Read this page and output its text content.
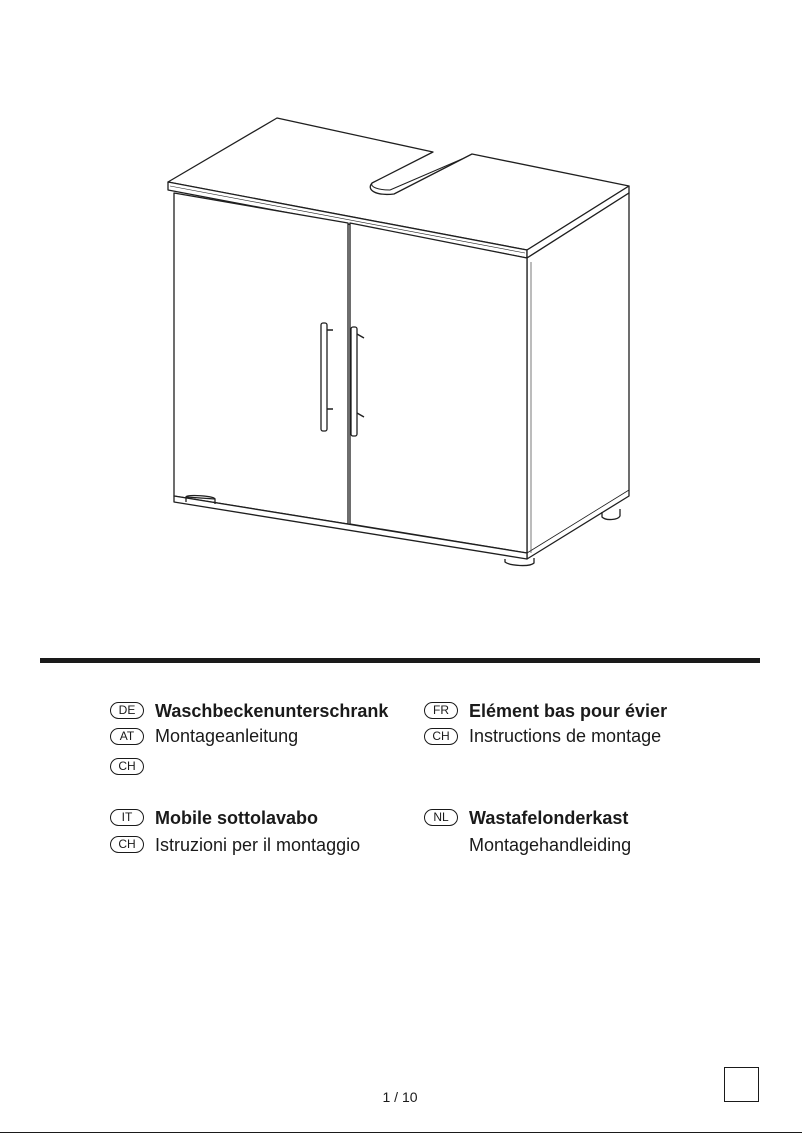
DE	Waschbeckenunterschrank
AT	Montageanleitung
CH
FR	Elément bas pour évier
CH	Instructions de montage
IT	Mobile sottolavabo
CH	Istruzioni per il montaggio
NL	Wastafelonderkast
Montagehandleiding
1 / 10
